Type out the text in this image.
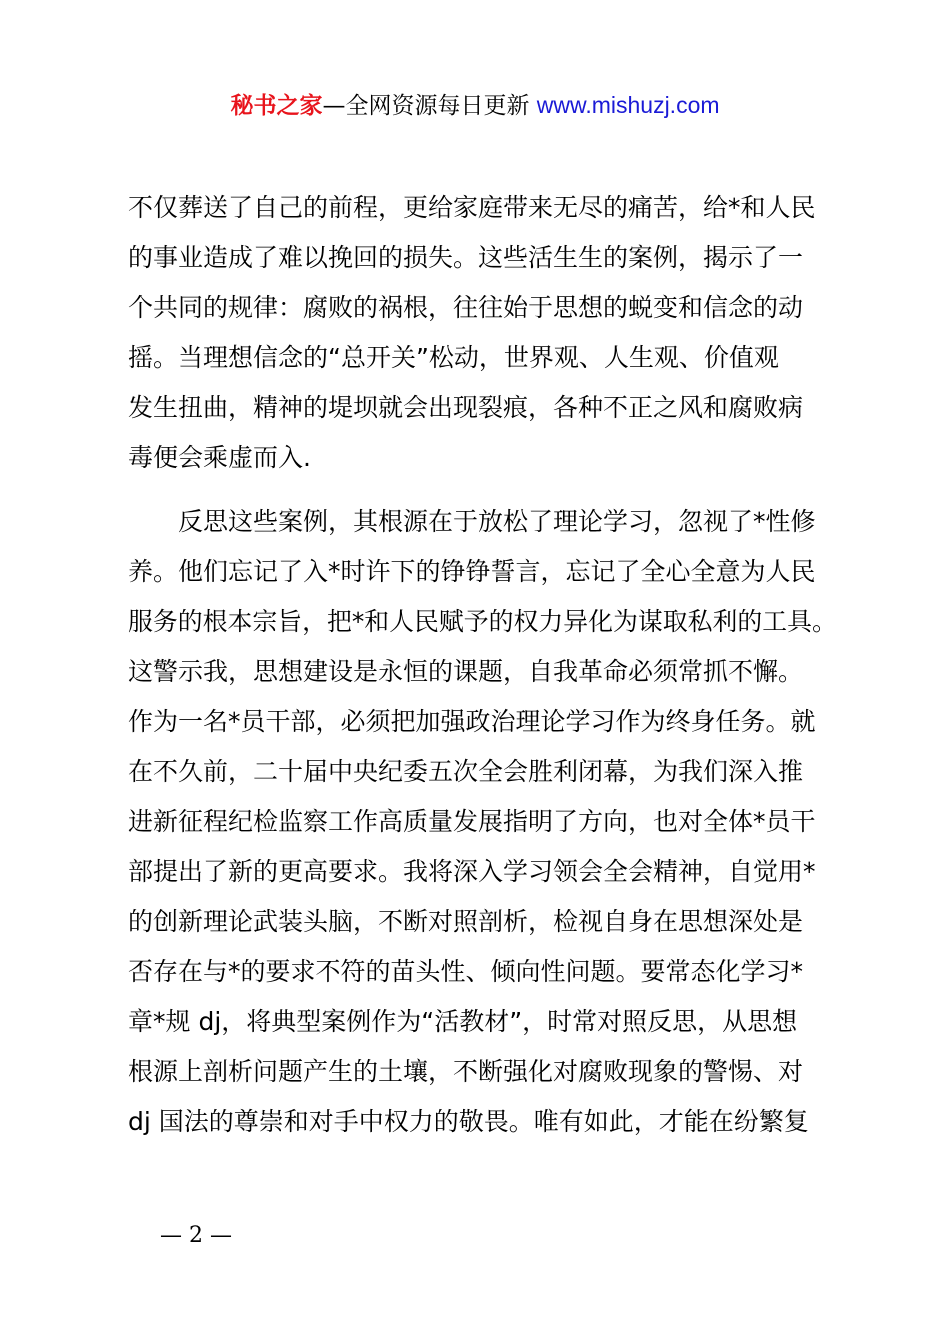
秘书之家—全网资源每日更新 www.mishuzj.com
不仅葬送了自己的前程，更给家庭带来无尽的痛苦，给*和人民
的事业造成了难以挽回的损失。这些活生生的案例，揭示了一
个共同的规律：腐败的祸根，往往始于思想的蜕变和信念的动
摇。当理想信念的“总开关”松动，世界观、人生观、价值观
发生扭曲，精神的堤坝就会出现裂痕，各种不正之风和腐败病
毒便会乘虚而入.
　　反思这些案例，其根源在于放松了理论学习，忽视了*性修
养。他们忘记了入*时许下的铮铮誓言，忘记了全心全意为人民
服务的根本宗旨，把*和人民赋予的权力异化为谋取私利的工具。
这警示我，思想建设是永恒的课题，自我革命必须常抓不懈。
作为一名*员干部，必须把加强政治理论学习作为终身任务。就
在不久前，二十届中央纪委五次全会胜利闭幕，为我们深入推
进新征程纪检监察工作高质量发展指明了方向，也对全体*员干
部提出了新的更高要求。我将深入学习领会全会精神，自觉用*
的创新理论武装头脑，不断对照剖析，检视自身在思想深处是
否存在与*的要求不符的苗头性、倾向性问题。要常态化学习*
章*规 dj，将典型案例作为“活教材”，时常对照反思，从思想
根源上剖析问题产生的土壤，不断强化对腐败现象的警惕、对
dj 国法的尊崇和对手中权力的敬畏。唯有如此，才能在纷繁复
— 2 —
